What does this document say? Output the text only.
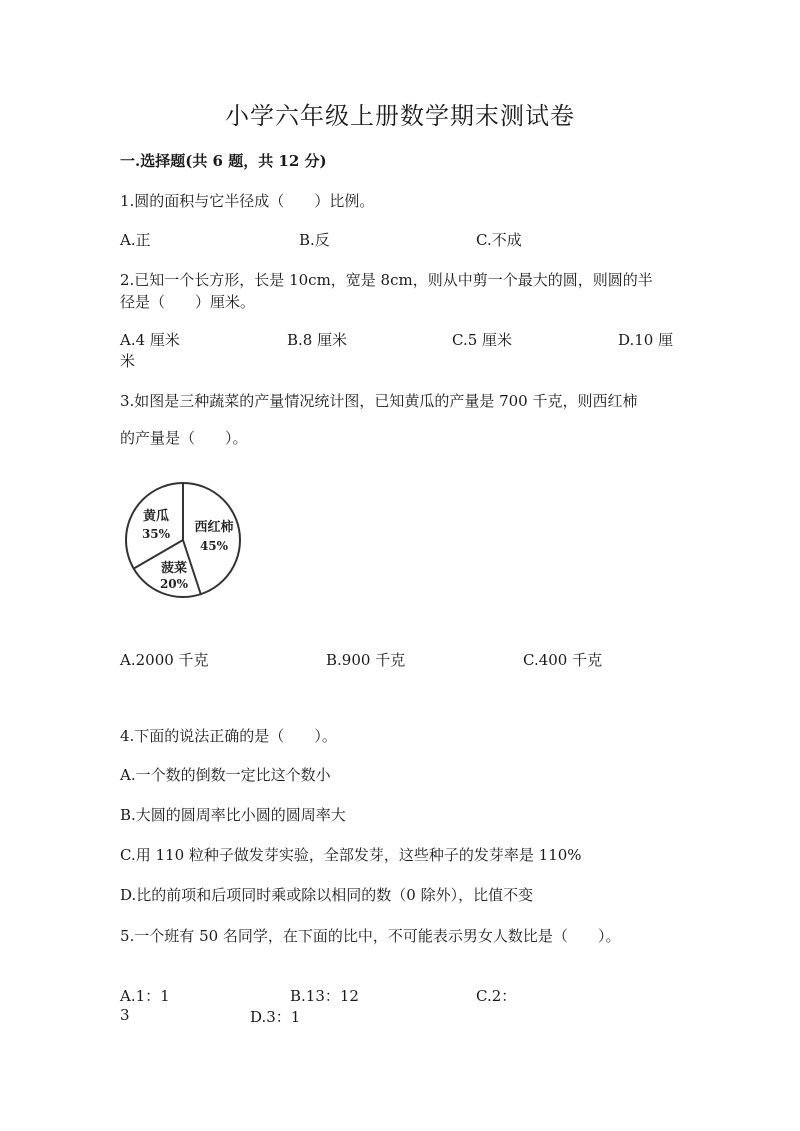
小学六年级上册数学期末测试卷
一.选择题(共 6 题，共 12 分)
1.圆的面积与它半径成（　　）比例。
A.正	B.反	C.不成
2.已知一个长方形，长是 10cm，宽是 8cm，则从中剪一个最大的圆，则圆的半
径是（　　）厘米。
A.4 厘米	B.8 厘米	C.5 厘米	D.10 厘
米
3.如图是三种蔬菜的产量情况统计图，已知黄瓜的产量是 700 千克，则西红柿
的产量是（　　）。
西红柿
45%
黄瓜
35%
菠菜
20%
A.2000 千克	B.900 千克	C.400 千克
4.下面的说法正确的是（　　）。
A.一个数的倒数一定比这个数小
B.大圆的圆周率比小圆的圆周率大
C.用 110 粒种子做发芽实验，全部发芽，这些种子的发芽率是 110%
D.比的前项和后项同时乘或除以相同的数（0 除外），比值不变
5.一个班有 50 名同学，在下面的比中，不可能表示男女人数比是（　　）。
A.1：1	B.13：12	C.2：
3	D.3：1
